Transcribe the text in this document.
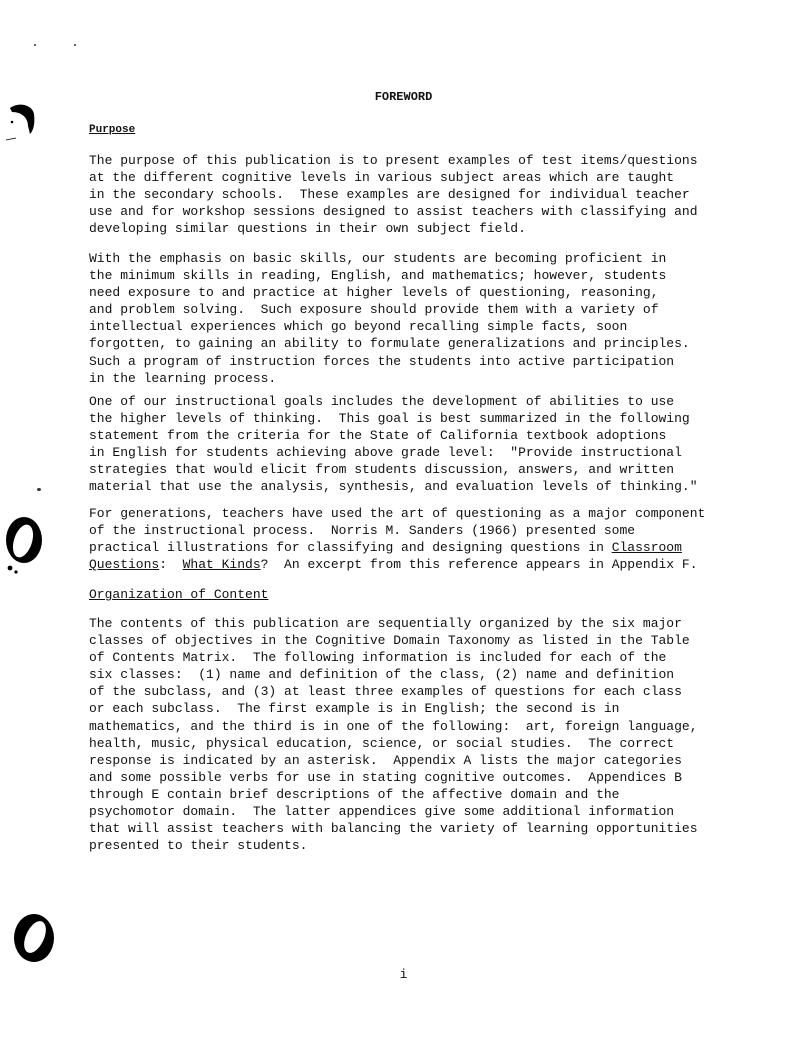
FOREWORD
Purpose
The purpose of this publication is to present examples of test items/questions
at the different cognitive levels in various subject areas which are taught
in the secondary schools.  These examples are designed for individual teacher
use and for workshop sessions designed to assist teachers with classifying and
developing similar questions in their own subject field.
With the emphasis on basic skills, our students are becoming proficient in
the minimum skills in reading, English, and mathematics; however, students
need exposure to and practice at higher levels of questioning, reasoning,
and problem solving.  Such exposure should provide them with a variety of
intellectual experiences which go beyond recalling simple facts, soon
forgotten, to gaining an ability to formulate generalizations and principles.
Such a program of instruction forces the students into active participation
in the learning process.
One of our instructional goals includes the development of abilities to use
the higher levels of thinking.  This goal is best summarized in the following
statement from the criteria for the State of California textbook adoptions
in English for students achieving above grade level:  "Provide instructional
strategies that would elicit from students discussion, answers, and written
material that use the analysis, synthesis, and evaluation levels of thinking."
For generations, teachers have used the art of questioning as a major component
of the instructional process.  Norris M. Sanders (1966) presented some
practical illustrations for classifying and designing questions in Classroom
Questions:  What Kinds?  An excerpt from this reference appears in Appendix F.
Organization of Content
The contents of this publication are sequentially organized by the six major
classes of objectives in the Cognitive Domain Taxonomy as listed in the Table
of Contents Matrix.  The following information is included for each of the
six classes:  (1) name and definition of the class, (2) name and definition
of the subclass, and (3) at least three examples of questions for each class
or each subclass.  The first example is in English; the second is in
mathematics, and the third is in one of the following:  art, foreign language,
health, music, physical education, science, or social studies.  The correct
response is indicated by an asterisk.  Appendix A lists the major categories
and some possible verbs for use in stating cognitive outcomes.  Appendices B
through E contain brief descriptions of the affective domain and the
psychomotor domain.  The latter appendices give some additional information
that will assist teachers with balancing the variety of learning opportunities
presented to their students.
i
